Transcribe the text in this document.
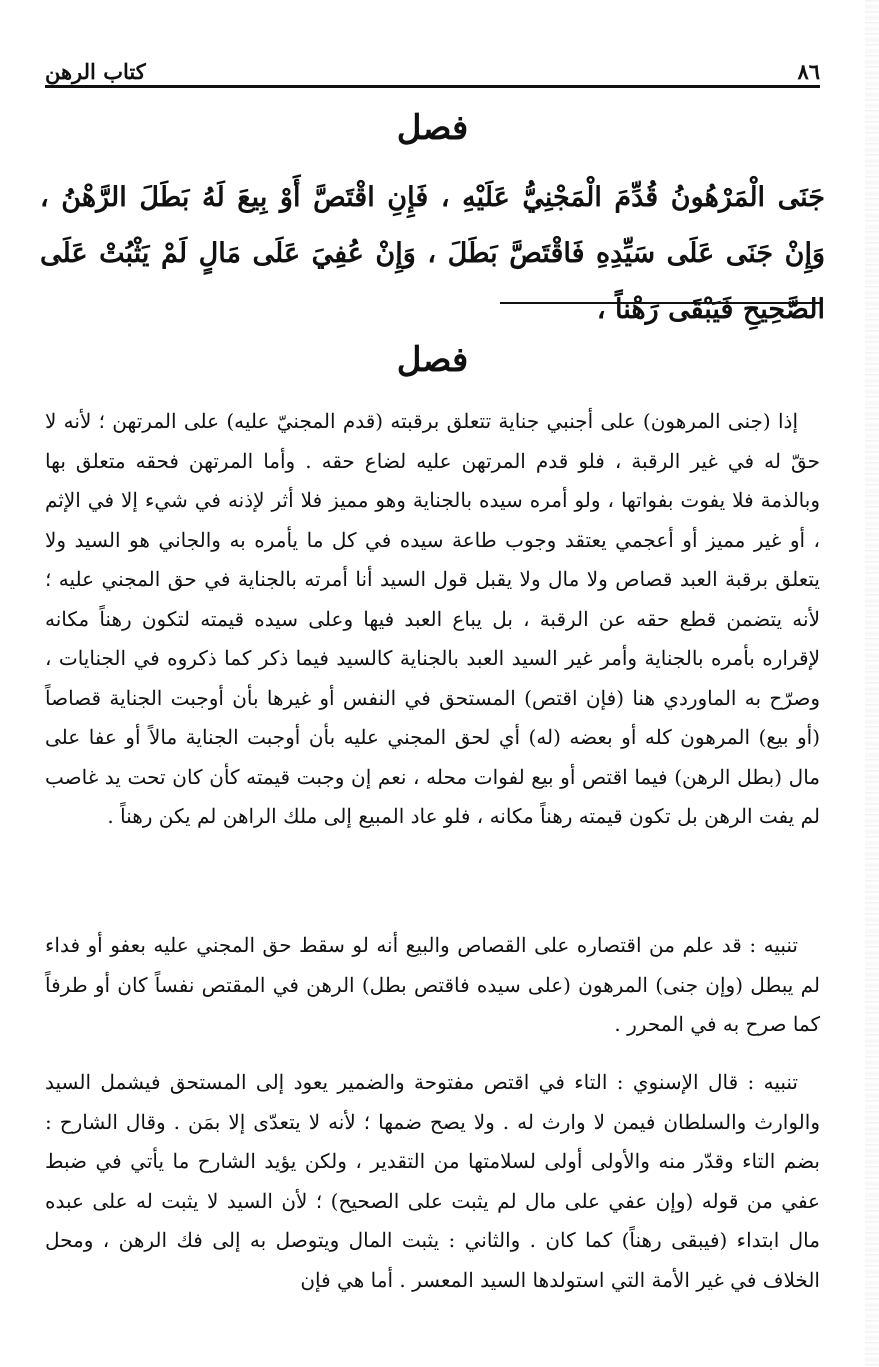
٨٦
كتاب الرهن
فصل
جَنَى الْمَرْهُونُ قُدِّمَ الْمَجْنِيُّ عَلَيْهِ ، فَإِنِ اقْتَصَّ أَوْ بِيعَ لَهُ بَطَلَ الرَّهْنُ ، وَإِنْ جَنَى عَلَى سَيِّدِهِ فَاقْتَصَّ بَطَلَ ، وَإِنْ عُفِيَ عَلَى مَالٍ لَمْ يَثْبُتْ عَلَى الصَّحِيحِ فَيَبْقَى رَهْناً ،
فصل

إذا (جنى المرهون) على أجنبي جناية تتعلق برقبته (قدم المجنيّ عليه) على المرتهن ؛ لأنه لا حقّ له في غير الرقبة ، فلو قدم المرتهن عليه لضاع حقه . وأما المرتهن فحقه متعلق بها وبالذمة فلا يفوت بفواتها ، ولو أمره سيده بالجناية وهو مميز فلا أثر لإذنه في شيء إلا في الإثم ، أو غير مميز أو أعجمي يعتقد وجوب طاعة سيده في كل ما يأمره به والجاني هو السيد ولا يتعلق برقبة العبد قصاص ولا مال ولا يقبل قول السيد أنا أمرته بالجناية في حق المجني عليه ؛ لأنه يتضمن قطع حقه عن الرقبة ، بل يباع العبد فيها وعلى سيده قيمته لتكون رهناً مكانه لإقراره بأمره بالجناية وأمر غير السيد العبد بالجناية كالسيد فيما ذكر كما ذكروه في الجنايات ، وصرّح به الماوردي هنا (فإن اقتص) المستحق في النفس أو غيرها بأن أوجبت الجناية قصاصاً (أو بيع) المرهون كله أو بعضه (له) أي لحق المجني عليه بأن أوجبت الجناية مالاً أو عفا على مال (بطل الرهن) فيما اقتص أو بيع لفوات محله ، نعم إن وجبت قيمته كأن كان تحت يد غاصب لم يفت الرهن بل تكون قيمته رهناً مكانه ، فلو عاد المبيع إلى ملك الراهن لم يكن رهناً .

تنبيه : قد علم من اقتصاره على القصاص والبيع أنه لو سقط حق المجني عليه بعفو أو فداء لم يبطل (وإن جنى) المرهون (على سيده فاقتص بطل) الرهن في المقتص نفساً كان أو طرفاً كما صرح به في المحرر .

تنبيه : قال الإسنوي : التاء في اقتص مفتوحة والضمير يعود إلى المستحق فيشمل السيد والوارث والسلطان فيمن لا وارث له . ولا يصح ضمها ؛ لأنه لا يتعدّى إلا بمَن . وقال الشارح : بضم التاء وقدّر منه والأولى أولى لسلامتها من التقدير ، ولكن يؤيد الشارح ما يأتي في ضبط عفي من قوله (وإن عفي على مال لم يثبت على الصحيح) ؛ لأن السيد لا يثبت له على عبده مال ابتداء (فيبقى رهناً) كما كان . والثاني : يثبت المال ويتوصل به إلى فك الرهن ، ومحل الخلاف في غير الأمة التي استولدها السيد المعسر . أما هي فإن
